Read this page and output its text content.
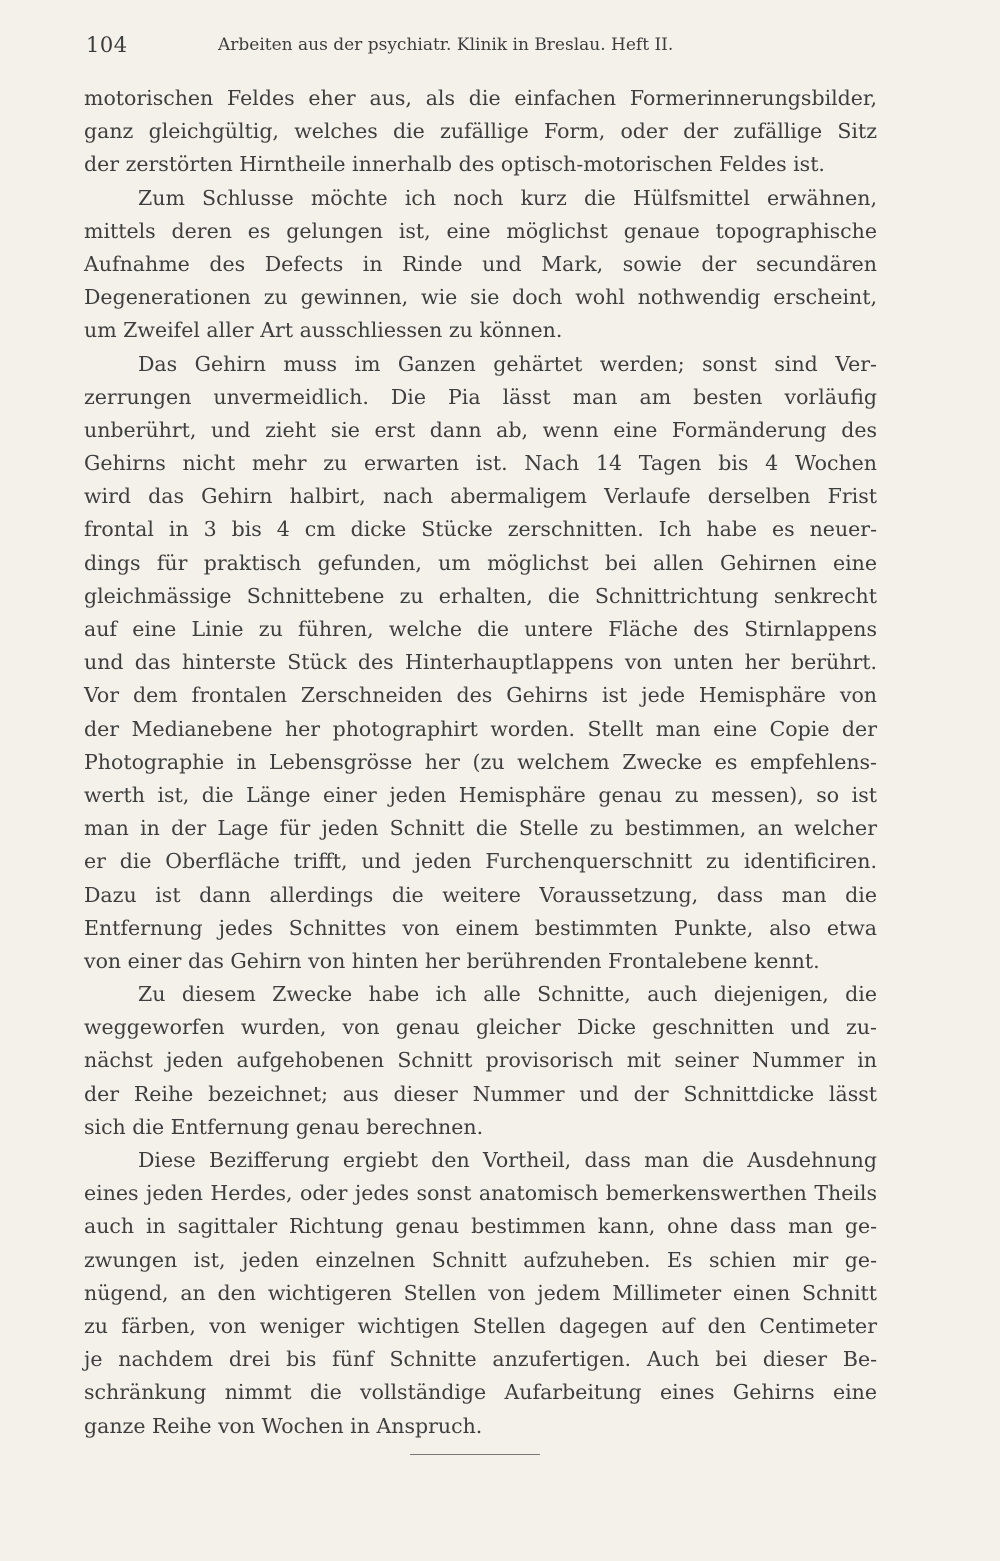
104	Arbeiten aus der psychiatr. Klinik in Breslau. Heft II.
motorischen Feldes eher aus, als die einfachen Formerinnerungsbilder,
ganz gleichgültig, welches die zufällige Form, oder der zufällige Sitz
der zerstörten Hirntheile innerhalb des optisch-motorischen Feldes ist.
Zum Schlusse möchte ich noch kurz die Hülfsmittel erwähnen,
mittels deren es gelungen ist, eine möglichst genaue topographische
Aufnahme des Defects in Rinde und Mark, sowie der secundären
Degenerationen zu gewinnen, wie sie doch wohl nothwendig erscheint,
um Zweifel aller Art ausschliessen zu können.
Das Gehirn muss im Ganzen gehärtet werden; sonst sind Ver-
zerrungen unvermeidlich. Die Pia lässt man am besten vorläufig
unberührt, und zieht sie erst dann ab, wenn eine Formänderung des
Gehirns nicht mehr zu erwarten ist. Nach 14 Tagen bis 4 Wochen
wird das Gehirn halbirt, nach abermaligem Verlaufe derselben Frist
frontal in 3 bis 4 cm dicke Stücke zerschnitten. Ich habe es neuer-
dings für praktisch gefunden, um möglichst bei allen Gehirnen eine
gleichmässige Schnittebene zu erhalten, die Schnittrichtung senkrecht
auf eine Linie zu führen, welche die untere Fläche des Stirnlappens
und das hinterste Stück des Hinterhauptlappens von unten her berührt.
Vor dem frontalen Zerschneiden des Gehirns ist jede Hemisphäre von
der Medianebene her photographirt worden. Stellt man eine Copie der
Photographie in Lebensgrösse her (zu welchem Zwecke es empfehlens-
werth ist, die Länge einer jeden Hemisphäre genau zu messen), so ist
man in der Lage für jeden Schnitt die Stelle zu bestimmen, an welcher
er die Oberfläche trifft, und jeden Furchenquerschnitt zu identificiren.
Dazu ist dann allerdings die weitere Voraussetzung, dass man die
Entfernung jedes Schnittes von einem bestimmten Punkte, also etwa
von einer das Gehirn von hinten her berührenden Frontalebene kennt.
Zu diesem Zwecke habe ich alle Schnitte, auch diejenigen, die
weggeworfen wurden, von genau gleicher Dicke geschnitten und zu-
nächst jeden aufgehobenen Schnitt provisorisch mit seiner Nummer in
der Reihe bezeichnet; aus dieser Nummer und der Schnittdicke lässt
sich die Entfernung genau berechnen.
Diese Bezifferung ergiebt den Vortheil, dass man die Ausdehnung
eines jeden Herdes, oder jedes sonst anatomisch bemerkenswerthen Theils
auch in sagittaler Richtung genau bestimmen kann, ohne dass man ge-
zwungen ist, jeden einzelnen Schnitt aufzuheben. Es schien mir ge-
nügend, an den wichtigeren Stellen von jedem Millimeter einen Schnitt
zu färben, von weniger wichtigen Stellen dagegen auf den Centimeter
je nachdem drei bis fünf Schnitte anzufertigen. Auch bei dieser Be-
schränkung nimmt die vollständige Aufarbeitung eines Gehirns eine
ganze Reihe von Wochen in Anspruch.
